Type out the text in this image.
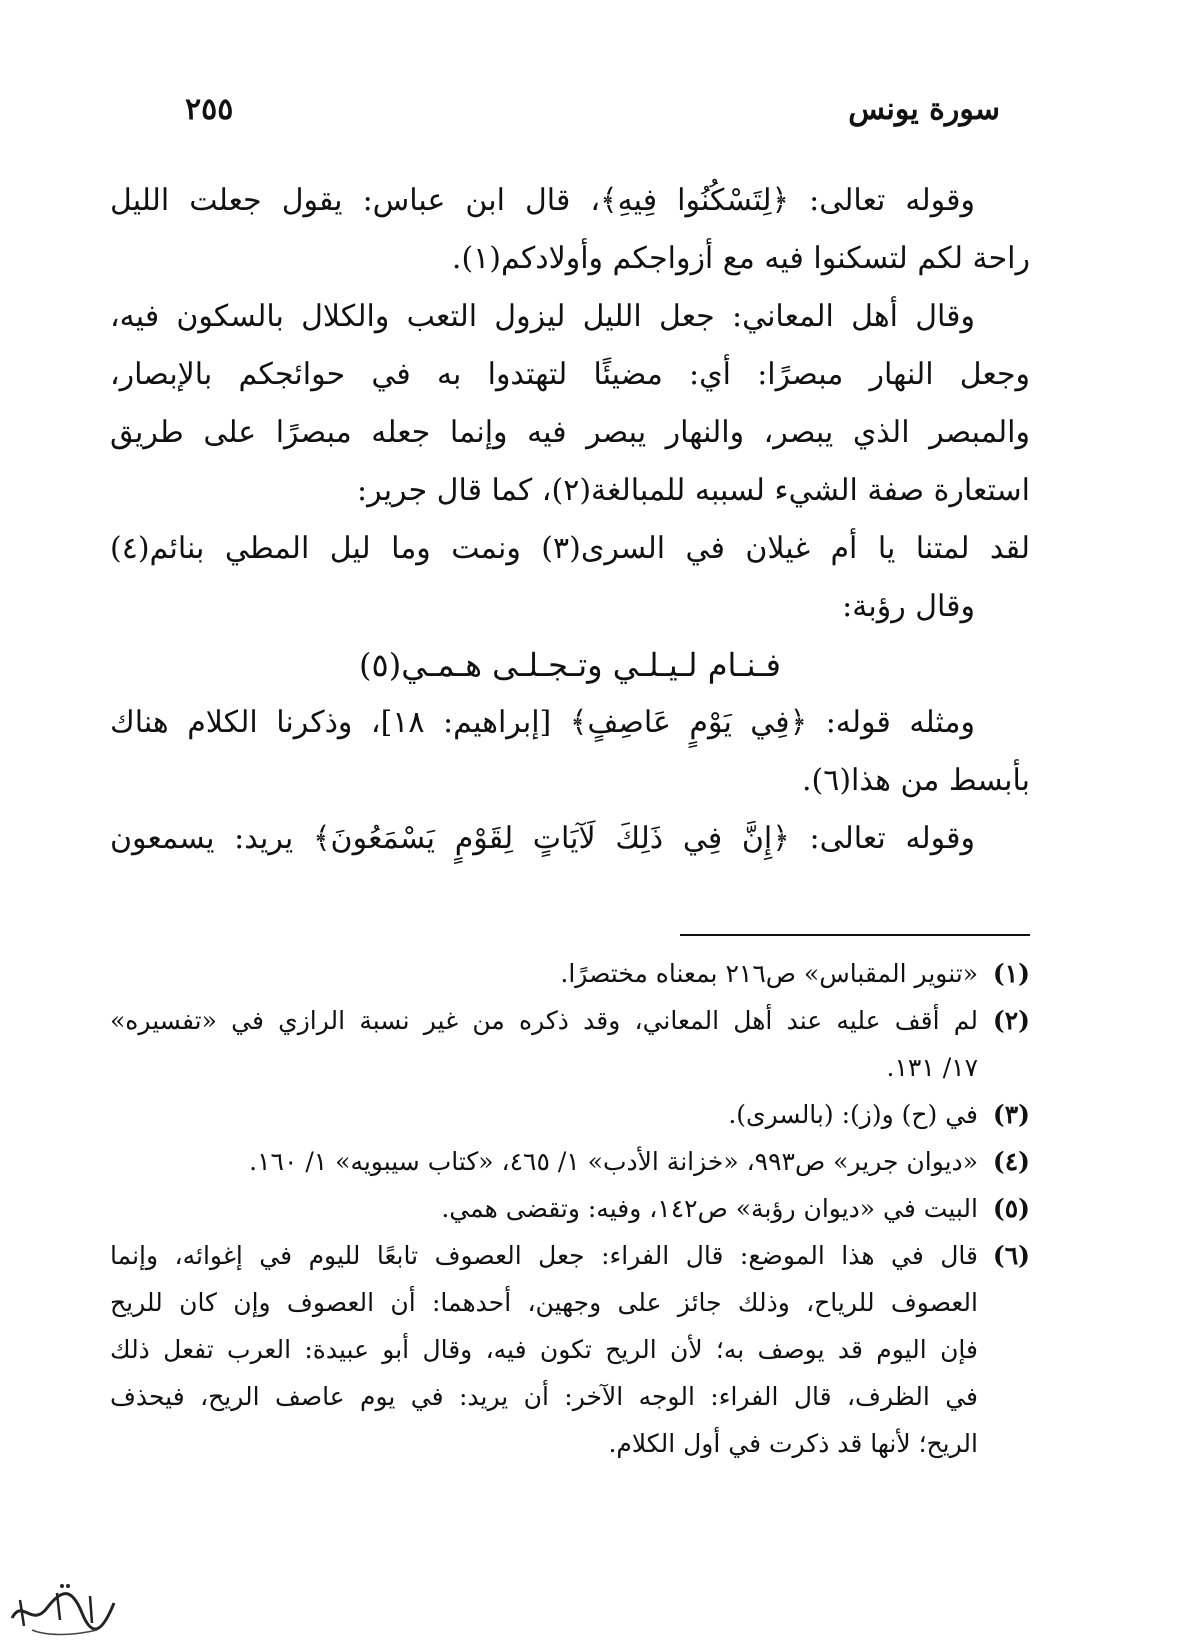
سورة يونس
٢٥٥
وقوله تعالى: ﴿لِتَسْكُنُوا فِيهِ﴾، قال ابن عباس: يقول جعلت الليل
راحة لكم لتسكنوا فيه مع أزواجكم وأولادكم(١).
وقال أهل المعاني: جعل الليل ليزول التعب والكلال بالسكون فيه،
وجعل النهار مبصرًا: أي: مضيئًا لتهتدوا به في حوائجكم بالإبصار،
والمبصر الذي يبصر، والنهار يبصر فيه وإنما جعله مبصرًا على طريق
استعارة صفة الشيء لسببه للمبالغة(٢)، كما قال جرير:
لقد لمتنا يا أم غيلان في السرى(٣) ونمت وما ليل المطي بنائم(٤)
وقال رؤبة:
فـنـام لـيـلـي وتـجـلـى هـمـي(٥)
ومثله قوله: ﴿فِي يَوْمٍ عَاصِفٍ﴾ [إبراهيم: ١٨]، وذكرنا الكلام هناك
بأبسط من هذا(٦).
وقوله تعالى: ﴿إِنَّ فِي ذَلِكَ لَآيَاتٍ لِقَوْمٍ يَسْمَعُونَ﴾ يريد: يسمعون
(١)
«تنوير المقباس» ص٢١٦ بمعناه مختصرًا.
(٢)
لم أقف عليه عند أهل المعاني، وقد ذكره من غير نسبة الرازي في «تفسيره»
١٧/ ١٣١.
(٣)
في (ح) و(ز): (بالسرى).
(٤)
«ديوان جرير» ص٩٩٣، «خزانة الأدب» ١/ ٤٦٥، «كتاب سيبويه» ١/ ١٦٠.
(٥)
البيت في «ديوان رؤبة» ص١٤٢، وفيه: وتقضى همي.
(٦)
قال في هذا الموضع: قال الفراء: جعل العصوف تابعًا لليوم في إغوائه، وإنما
العصوف للرياح، وذلك جائز على وجهين، أحدهما: أن العصوف وإن كان للريح
فإن اليوم قد يوصف به؛ لأن الريح تكون فيه، وقال أبو عبيدة: العرب تفعل ذلك
في الظرف، قال الفراء: الوجه الآخر: أن يريد: في يوم عاصف الريح، فيحذف
الريح؛ لأنها قد ذكرت في أول الكلام.
